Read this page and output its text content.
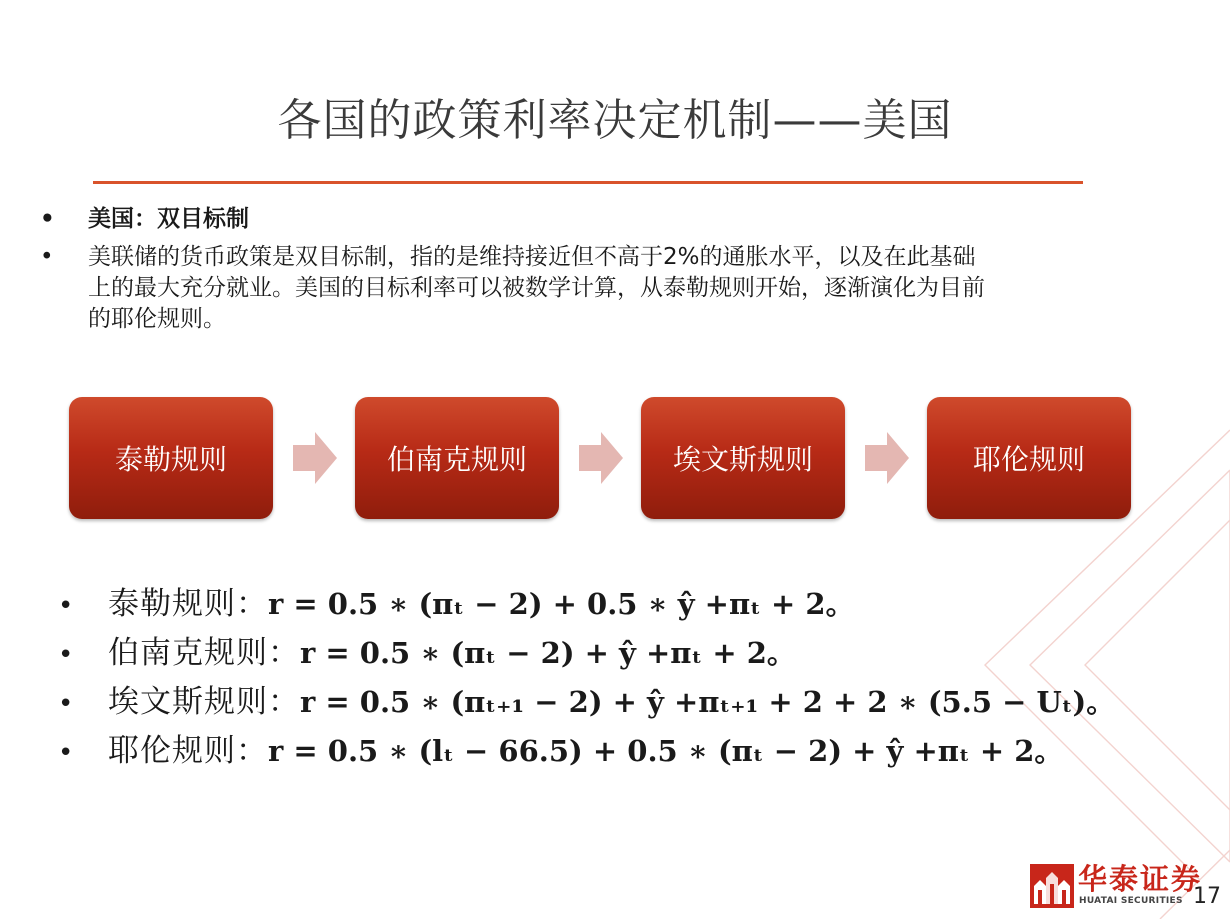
各国的政策利率决定机制——美国
• 美国：双目标制
• 美联储的货币政策是双目标制，指的是维持接近但不高于2%的通胀水平，以及在此基础
上的最大充分就业。美国的目标利率可以被数学计算，从泰勒规则开始，逐渐演化为目前
的耶伦规则。
泰勒规则	伯南克规则	埃文斯规则	耶伦规则
•	泰勒规则： r = 0.5 ∗ (πₜ − 2) + 0.5 ∗ ŷ +πₜ + 2。
•	伯南克规则： r = 0.5 ∗ (πₜ − 2) + ŷ +πₜ + 2。
•	埃文斯规则： r = 0.5 ∗ (πₜ₊₁ − 2) + ŷ +πₜ₊₁ + 2 + 2 ∗ (5.5 − Uₜ)。
•	耶伦规则： r = 0.5 ∗ (lₜ − 66.5) + 0.5 ∗ (πₜ − 2) + ŷ +πₜ + 2。
华泰证券
HUATAI SECURITIES 17
